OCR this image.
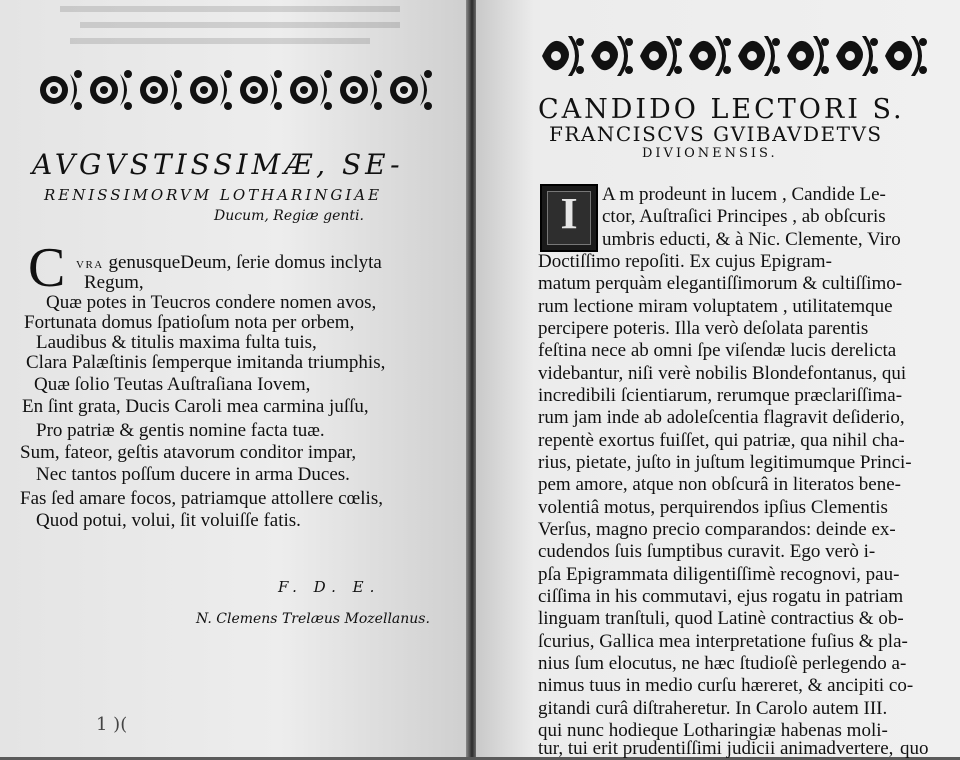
AVGVSTISSIMÆ, SE-
RENISSIMORVM LOTHARINGIAE
Ducum, Regiæ genti.
C VRA genusqueDeum, ſerie domus inclyta
Regum,
Quæ potes in Teucros condere nomen avos,
Fortunata domus ſpatioſum nota per orbem,
Laudibus & titulis maxima fulta tuis,
Clara Palæſtinis ſemperque imitanda triumphis,
Quæ ſolio Teutas Auſtraſiana Iovem,
En ſint grata, Ducis Caroli mea carmina juſſu,
Pro patriæ & gentis nomine facta tuæ.
Sum, fateor, geſtis atavorum conditor impar,
Nec tantos poſſum ducere in arma Duces.
Fas ſed amare focos, patriamque attollere cœlis,
Quod potui, volui, ſit voluiſſe fatis.
F. D. E.
N. Clemens Trelæus Mozellanus.
1 )(
CANDIDO LECTORI S.
FRANCISCVS GVIBAVDETVS
DIVIONENSIS.
I	A m prodeunt in lucem , Candide Le-
ctor, Auſtraſici Principes , ab obſcuris
umbris educti, & à Nic. Clemente, Viro
Doctiſſimo repoſiti. Ex cujus Epigram-
matum perquàm elegantiſſimorum & cultiſſimo-
rum lectione miram voluptatem , utilitatemque
percipere poteris. Illa verò deſolata parentis
feſtina nece ab omni ſpe viſendæ lucis derelicta
videbantur, niſi verè nobilis Blondefontanus, qui
incredibili ſcientiarum, rerumque præclariſſima-
rum jam inde ab adoleſcentia flagravit deſiderio,
repentè exortus fuiſſet, qui patriæ, qua nihil cha-
rius, pietate, juſto in juſtum legitimumque Princi-
pem amore, atque non obſcurâ in literatos bene-
volentiâ motus, perquirendos ipſius Clementis
Verſus, magno precio comparandos: deinde ex-
cudendos ſuis ſumptibus curavit. Ego verò i-
pſa Epigrammata diligentiſſimè recognovi, pau-
ciſſima in his commutavi, ejus rogatu in patriam
linguam tranſtuli, quod Latinè contractius & ob-
ſcurius, Gallica mea interpretatione fuſius & pla-
nius ſum elocutus, ne hæc ſtudioſè perlegendo a-
nimus tuus in medio curſu hæreret, & ancipiti co-
gitandi curâ diſtraheretur. In Carolo autem III.
qui nunc hodieque Lotharingiæ habenas moli-
tur, tui erit prudentiſſimi judicii animadvertere, quo
